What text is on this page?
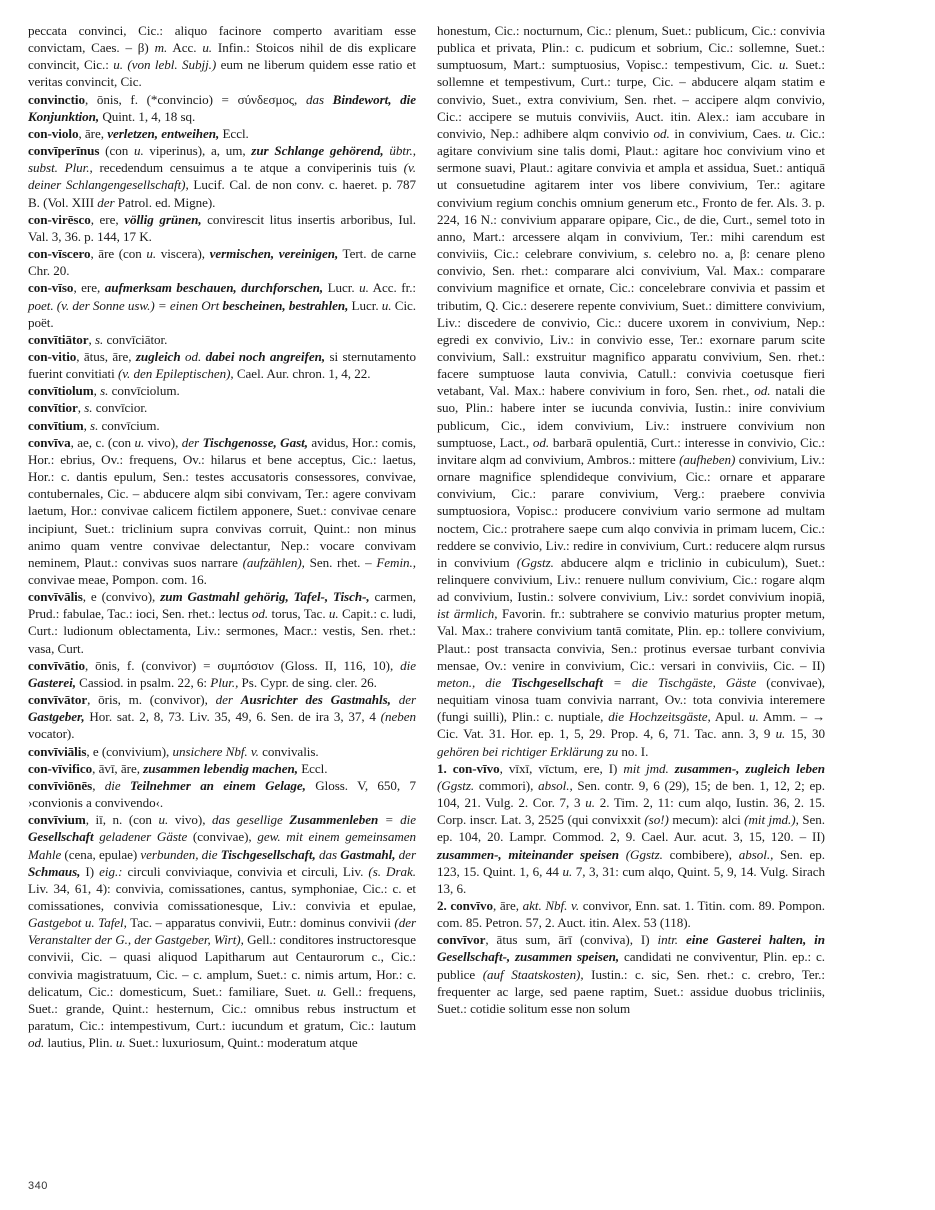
peccata convinci, Cic.: aliquo facinore comperto avaritiam esse convictam, Caes. – β) m. Acc. u. Infin.: Stoicos nihil de dis explicare convincit, Cic.: u. (von lebl. Subjj.) eum ne liberum quidem esse ratio et veritas convincit, Cic.

convinctio, ōnis, f. (*convincio) = σύνδεσμος, das Bindewort, die Konjunktion, Quint. 1, 4, 18 sq.

con-violo, āre, verletzen, entweihen, Eccl.

convīperīnus (con u. viperinus), a, um, zur Schlange gehörend, übtr., subst. Plur., recedendum censuimus a te atque a conviperinis tuis (v. deiner Schlangengesellschaft), Lucif. Cal. de non conv. c. haeret. p. 787 B. (Vol. XIII der Patrol. ed. Migne).

con-virēsco, ere, völlig grünen, convirescit litus insertis arboribus, Iul. Val. 3, 36. p. 144, 17 K.

con-vīscero, āre (con u. viscera), vermischen, vereinigen, Tert. de carne Chr. 20.

con-vīso, ere, aufmerksam beschauen, durchforschen, Lucr. u. Acc. fr.: poet. (v. der Sonne usw.) = einen Ort bescheinen, bestrahlen, Lucr. u. Cic. poët.

convītiātor, s. convīciātor.

con-vitio, ātus, āre, zugleich od. dabei noch angreifen, si sternutamento fuerint convitiati (v. den Epileptischen), Cael. Aur. chron. 1, 4, 22.

convītiolum, s. convīciolum.

convītior, s. convīcior.

convītium, s. convīcium.

convīva, ae, c. (con u. vivo), der Tischgenosse, Gast, avidus, Hor.: comis, Hor.: ebrius, Ov.: frequens, Ov.: hilarus et bene acceptus, Cic.: laetus, Hor.: c. dantis epulum, Sen.: testes accusatoris consessores, convivae, contubernales, Cic. – abducere alqm sibi convivam, Ter.: agere convivam laetum, Hor.: convivae calicem fictilem apponere, Suet.: convivae cenare incipiunt, Suet.: triclinium supra convivas corruit, Quint.: non minus animo quam ventre convivae delectantur, Nep.: vocare convivam neminem, Plaut.: convivas suos narrare (aufzählen), Sen. rhet. – Femin., convivae meae, Pompon. com. 16.

convīvālis, e (convivo), zum Gastmahl gehörig, Tafel-, Tisch-, carmen, Prud.: fabulae, Tac.: ioci, Sen. rhet.: lectus od. torus, Tac. u. Capit.: c. ludi, Curt.: ludionum oblectamenta, Liv.: sermones, Macr.: vestis, Sen. rhet.: vasa, Curt.

convīvātio, ōnis, f. (convivor) = συμπόσιον (Gloss. II, 116, 10), die Gasterei, Cassiod. in psalm. 22, 6: Plur., Ps. Cypr. de sing. cler. 26.

convīvātor, ōris, m. (convivor), der Ausrichter des Gastmahls, der Gastgeber, Hor. sat. 2, 8, 73. Liv. 35, 49, 6. Sen. de ira 3, 37, 4 (neben vocator).

convīviālis, e (convivium), unsichere Nbf. v. convivalis.

con-vīvifico, āvī, āre, zusammen lebendig machen, Eccl.

convīviōnēs, die Teilnehmer an einem Gelage, Gloss. V, 650, 7 ›convionis a convivendo‹.

convīvium, iī, n. (con u. vivo), das gesellige Zusammenleben = die Gesellschaft geladener Gäste (convivae), gew. mit einem gemeinsamen Mahle (cena, epulae) verbunden, die Tischgesellschaft, das Gastmahl, der Schmaus, I) eig.: circuli conviviaque, convivia et circuli, Liv. (s. Drak. Liv. 34, 61, 4): convivia, comissationes, cantus, symphoniae, Cic.: c. et comissationes, convivia comissationesque, Liv.: convivia et epulae, Gastgebot u. Tafel, Tac. – apparatus convivii, Eutr.: dominus convivii (der Veranstalter der G., der Gastgeber, Wirt), Gell.: conditores instructoresque convivii, Cic. – quasi aliquod Lapitharum aut Centaurorum c., Cic.: convivia magistratuum, Cic. – c. amplum, Suet.: c. nimis artum, Hor.: c. delicatum, Cic.: domesticum, Suet.: familiare, Suet. u. Gell.: frequens, Suet.: grande, Quint.: hesternum, Cic.: omnibus rebus instructum et paratum, Cic.: intempestivum, Curt.: iucundum et gratum, Cic.: lautum od. lautius, Plin. u. Suet.: luxuriosum, Quint.: moderatum atque

honestum, Cic.: nocturnum, Cic.: plenum, Suet.: publicum, Cic.: convivia publica et privata, Plin.: c. pudicum et sobrium, Cic.: sollemne, Suet.: sumptuosum, Mart.: sumptuosius, Vopisc.: tempestivum, Cic. u. Suet.: sollemne et tempestivum, Curt.: turpe, Cic. – abducere alqam statim e convivio, Suet., extra convivium, Sen. rhet. – accipere alqm convivio, Cic.: accipere se mutuis conviviis, Auct. itin. Alex.: iam accubare in convivio, Nep.: adhibere alqm convivio od. in convivium, Caes. u. Cic.: agitare convivium sine talis domi, Plaut.: agitare hoc convivium vino et sermone suavi, Plaut.: agitare convivia et ampla et assidua, Suet.: antiquā ut consuetudine agitarem inter vos libere convivium, Ter.: agitare convivium regium conchis omnium generum etc., Fronto de fer. Als. 3. p. 224, 16 N.: convivium apparare opipare, Cic., de die, Curt., semel toto in anno, Mart.: arcessere alqam in convivium, Ter.: mihi carendum est conviviis, Cic.: celebrare convivium, s. celebro no. a, β: cenare pleno convivio, Sen. rhet.: comparare alci convivium, Val. Max.: comparare convivium magnifice et ornate, Cic.: concelebrare convivia et passim et tributim, Q. Cic.: deserere repente convivium, Suet.: dimittere convivium, Liv.: discedere de convivio, Cic.: ducere uxorem in convivium, Nep.: egredi ex convivio, Liv.: in convivio esse, Ter.: exornare parum scite convivium, Sall.: exstruitur magnifico apparatu convivium, Sen. rhet.: facere sumptuose lauta convivia, Catull.: convivia coetusque fieri vetabant, Val. Max.: habere convivium in foro, Sen. rhet., od. natali die suo, Plin.: habere inter se iucunda convivia, Iustin.: inire convivium publicum, Cic., idem convivium, Liv.: instruere convivium non sumptuose, Lact., od. barbarā opulentiā, Curt.: interesse in convivio, Cic.: invitare alqm ad convivium, Ambros.: mittere (aufheben) convivium, Liv.: ornare magnifice splendideque convivium, Cic.: ornare et apparare convivium, Cic.: parare convivium, Verg.: praebere convivia sumptuosiora, Vopisc.: producere convivium vario sermone ad multam noctem, Cic.: protrahere saepe cum alqo convivia in primam lucem, Cic.: reddere se convivio, Liv.: redire in convivium, Curt.: reducere alqm rursus in convivium (Ggstz. abducere alqm e triclinio in cubiculum), Suet.: relinquere convivium, Liv.: renuere nullum convivium, Cic.: rogare alqm ad convivium, Iustin.: solvere convivium, Liv.: sordet convivium inopiā, ist ärmlich, Favorin. fr.: subtrahere se convivio maturius propter metum, Val. Max.: trahere convivium tantā comitate, Plin. ep.: tollere convivium, Plaut.: post transacta convivia, Sen.: protinus eversae turbant convivia mensae, Ov.: venire in convivium, Cic.: versari in conviviis, Cic. – II) meton., die Tischgesellschaft = die Tischgäste, Gäste (convivae), nequitiam vinosa tuam convivia narrant, Ov.: tota convivia interemere (fungi suilli), Plin.: c. nuptiale, die Hochzeitsgäste, Apul. u. Amm. – → Cic. Vat. 31. Hor. ep. 1, 5, 29. Prop. 4, 6, 71. Tac. ann. 3, 9 u. 15, 30 gehören bei richtiger Erklärung zu no. I.

1. con-vīvo, vīxī, vīctum, ere, I) mit jmd. zusammen-, zugleich leben (Ggstz. commori), absol., Sen. contr. 9, 6 (29), 15; de ben. 1, 12, 2; ep. 104, 21. Vulg. 2. Cor. 7, 3 u. 2. Tim. 2, 11: cum alqo, Iustin. 36, 2. 15. Corp. inscr. Lat. 3, 2525 (qui convixxit (so!) mecum): alci (mit jmd.), Sen. ep. 104, 20. Lampr. Commod. 2, 9. Cael. Aur. acut. 3, 15, 120. – II) zusammen-, miteinander speisen (Ggstz. combibere), absol., Sen. ep. 123, 15. Quint. 1, 6, 44 u. 7, 3, 31: cum alqo, Quint. 5, 9, 14. Vulg. Sirach 13, 6.

2. convīvo, āre, akt. Nbf. v. convivor, Enn. sat. 1. Titin. com. 89. Pompon. com. 85. Petron. 57, 2. Auct. itin. Alex. 53 (118).

convīvor, ātus sum, ārī (conviva), I) intr. eine Gasterei halten, in Gesellschaft-, zusammen speisen, candidati ne conviventur, Plin. ep.: c. publice (auf Staatskosten), Iustin.: c. sic, Sen. rhet.: c. crebro, Ter.: frequenter ac large, sed paene raptim, Suet.: assidue duobus tricliniis, Suet.: cotidie solitum esse non solum

340
